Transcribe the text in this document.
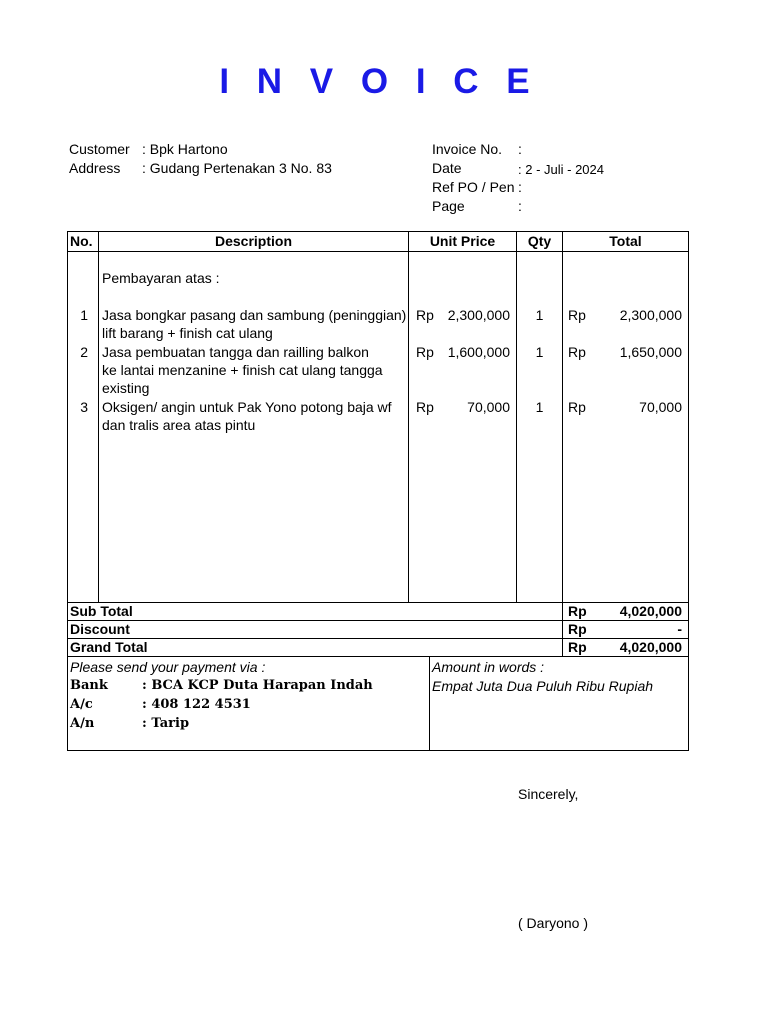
I N V O I C E
Customer : Bpk Hartono
Address : Gudang Pertenakan 3 No. 83
Invoice No. :
Date	: 2 - Juli - 2024
Ref PO / Pen :
Page	:
No.	Description	Unit Price	Qty	Total
Pembayaran atas :
1 Jasa bongkar pasang dan sambung (peninggian)
lift barang + finish cat ulang
Rp 2,300,000	1	Rp	2,300,000
2 Jasa pembuatan tangga dan railling balkon
ke lantai menzanine + finish cat ulang tangga
existing
Rp 1,600,000	1	Rp	1,650,000
3 Oksigen/ angin untuk Pak Yono potong baja wf
dan tralis area atas pintu
Rp	70,000	1	Rp	70,000
Sub Total	Rp	4,020,000
Discount	Rp	-
Grand Total	Rp	4,020,000
Please send your payment via :
Bank	: BCA KCP Duta Harapan Indah
A/c	: 408 122 4531
A/n	: Tarip
Amount in words :
Empat Juta Dua Puluh Ribu Rupiah
Sincerely,
( Daryono )
